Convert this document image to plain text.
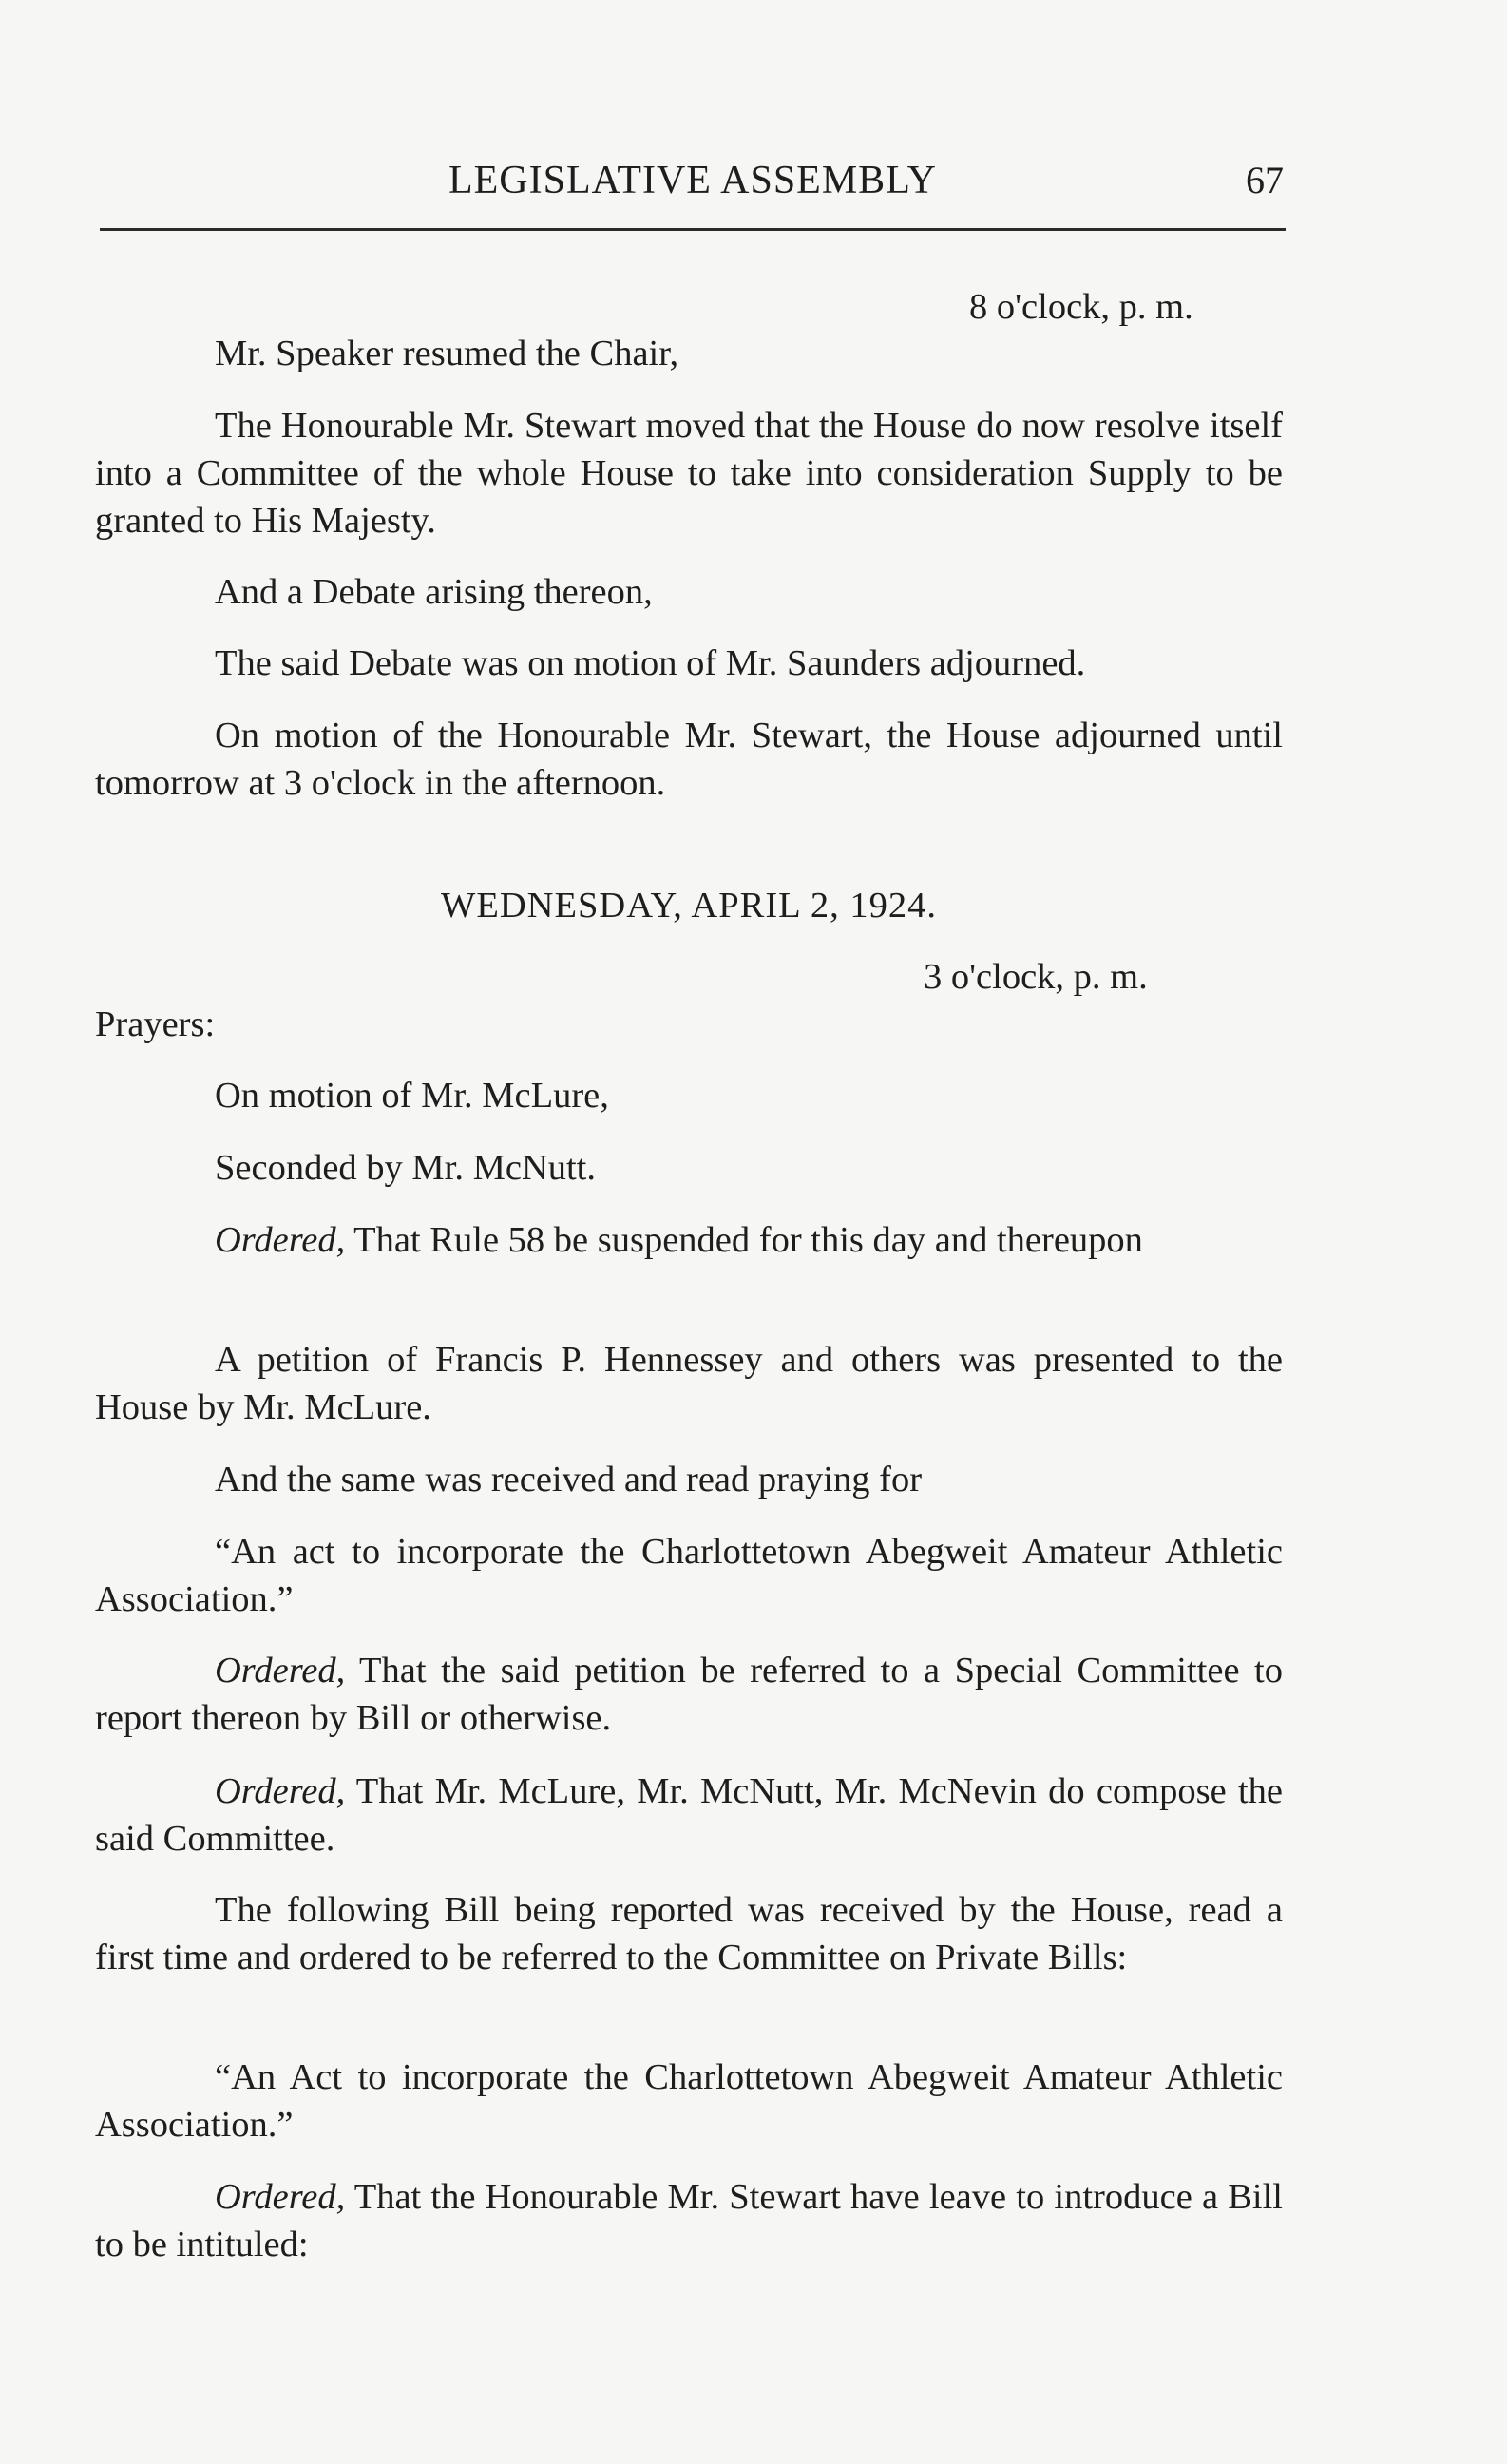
LEGISLATIVE ASSEMBLY	67
8 o'clock, p. m.

Mr. Speaker resumed the Chair,

The Honourable Mr. Stewart moved that the House do now resolve itself into a Committee of the whole House to take into consideration Supply to be granted to His Majesty.

And a Debate arising thereon,

The said Debate was on motion of Mr. Saunders adjourned.

On motion of the Honourable Mr. Stewart, the House adjourned until tomorrow at 3 o'clock in the afternoon.

WEDNESDAY, APRIL 2, 1924.
3 o'clock, p. m.
Prayers:
On motion of Mr. McLure,
Seconded by Mr. McNutt.

Ordered, That Rule 58 be suspended for this day and thereupon

A petition of Francis P. Hennessey and others was presented to the House by Mr. McLure.

And the same was received and read praying for

“An act to incorporate the Charlottetown Abegweit Amateur Athletic Association.”

Ordered, That the said petition be referred to a Special Committee to report thereon by Bill or otherwise.

Ordered, That Mr. McLure, Mr. McNutt, Mr. McNevin do compose the said Committee.

The following Bill being reported was received by the House, read a first time and ordered to be referred to the Committee on Private Bills:

“An Act to incorporate the Charlottetown Abegweit Amateur Athletic Association.”

Ordered, That the Honourable Mr. Stewart have leave to introduce a Bill to be intituled:
